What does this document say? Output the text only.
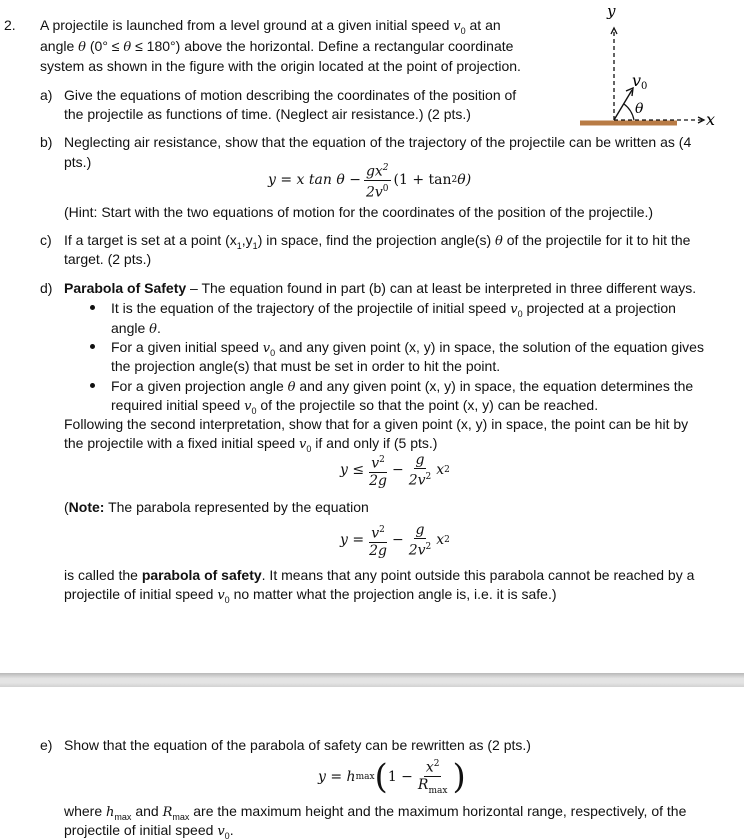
2. A projectile is launched from a level ground at a given initial speed $v_0$ at an
angle θ (0° ≤ θ ≤ 180°) above the horizontal. Define a rectangular coordinate
system as shown in the figure with the origin located at the point of projection.
y
x
v0
θ
a) Give the equations of motion describing the coordinates of the position of
the projectile as functions of time. (Neglect air resistance.) (2 pts.)
b) Neglecting air resistance, show that the equation of the trajectory of the projectile can be written as (4
pts.)
y = x $\tan \theta - \frac{gx^2}{2v^0} (1 + \tan 2$ θ)
(Hint: Start with the two equations of motion for the coordinates of the position of the projectile.)
c) If a target is set at a point $(x_1,y_1)$ in space, find the projection angle(s) θ of the projectile for it to hit the
target. (2 pts.)
d) Parabola of Safety – The equation found in part (b) can at least be interpreted in three different ways.
It is the equation of the trajectory of the projectile of initial speed $v_0$ projected at a projection
angle θ.
For a given initial speed $v_0$ and any given point (x, y) in space, the solution of the equation gives
the projection angle(s) that must be set in order to hit the point.
For a given projection angle θ and any given point (x, y) in space, the equation determines the
required initial speed $v_0$ of the projectile so that the point (x, y) can be reached.
Following the second interpretation, show that for a given point (x, y) in space, the point can be hit by
the projectile with a fixed initial speed $v_0$ if and only if (5 pts.)
$y \le \frac{v^2}{2g} - \frac{g}{2v^2}$ x 2
(Note: The parabola represented by the equation
$y = \frac{v^2}{2g} - \frac{g}{2v^2}$ x 2
is called the parabola of safety. It means that any point outside this parabola cannot be reached by a
projectile of initial speed $v_0$ no matter what the projection angle is, i.e. it is safe.)
e) Show that the equation of the parabola of safety can be rewritten as (2 pts.)
y = h max ( 1 −
$x^2$
$R_{max}$ )
where $h_{max}$ and $R_{max}$ are the maximum height and the maximum horizontal range, respectively, of the
projectile of initial speed $v_0$.
